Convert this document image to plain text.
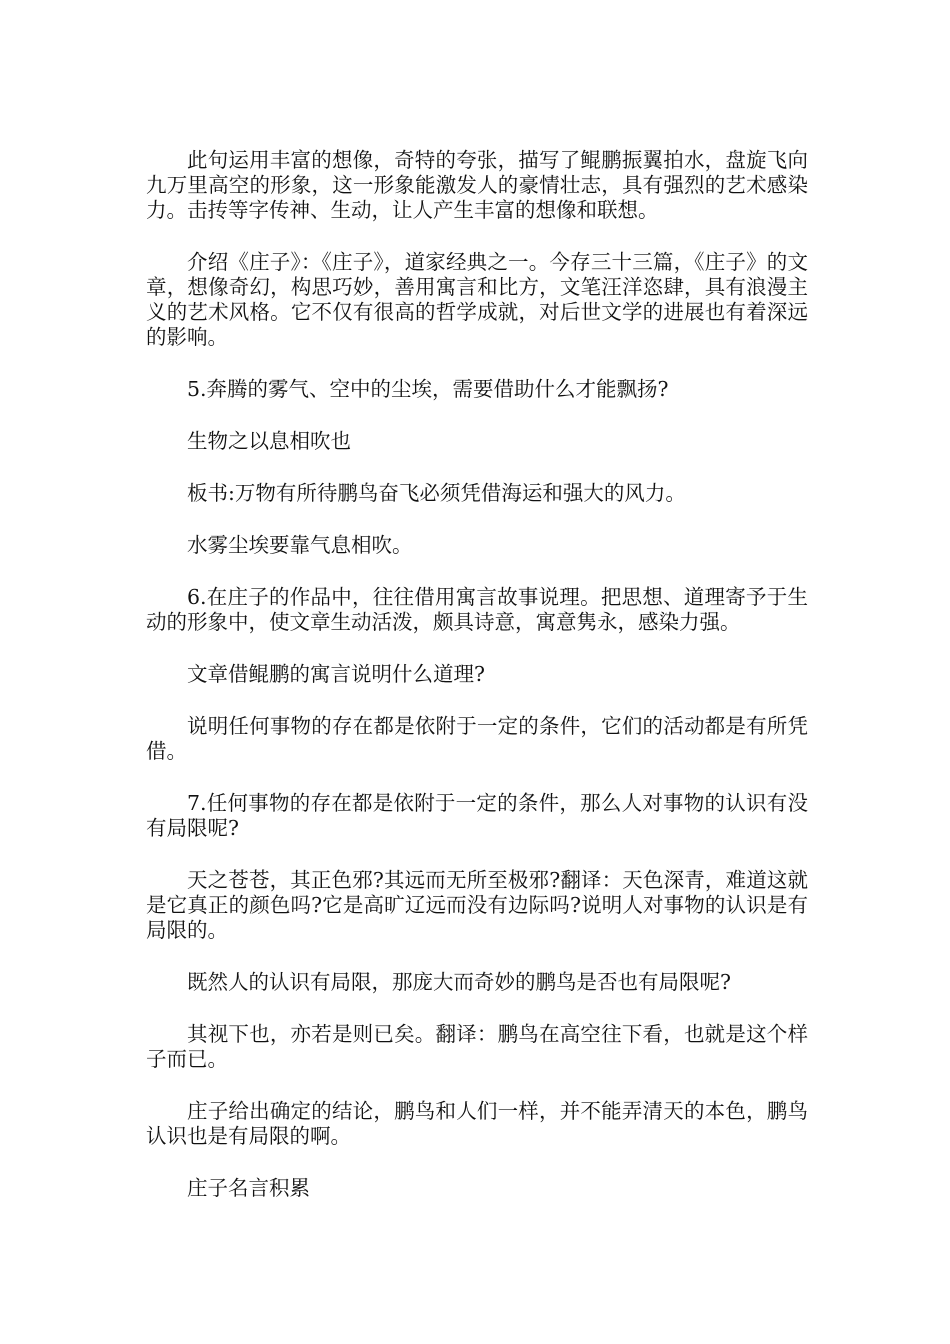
此句运用丰富的想像，奇特的夸张，描写了鲲鹏振翼拍水，盘旋飞向九万里高空的形象，这一形象能激发人的豪情壮志，具有强烈的艺术感染力。击抟等字传神、生动，让人产生丰富的想像和联想。

介绍《庄子》：《庄子》，道家经典之一。今存三十三篇，《庄子》的文章，想像奇幻，构思巧妙，善用寓言和比方，文笔汪洋恣肆，具有浪漫主义的艺术风格。它不仅有很高的哲学成就，对后世文学的进展也有着深远的影响。

5.奔腾的雾气、空中的尘埃，需要借助什么才能飘扬?

生物之以息相吹也

板书:万物有所待鹏鸟奋飞必须凭借海运和强大的风力。

水雾尘埃要靠气息相吹。

6.在庄子的作品中，往往借用寓言故事说理。把思想、道理寄予于生动的形象中，使文章生动活泼，颇具诗意，寓意隽永，感染力强。

文章借鲲鹏的寓言说明什么道理?

说明任何事物的存在都是依附于一定的条件，它们的活动都是有所凭借。

7.任何事物的存在都是依附于一定的条件，那么人对事物的认识有没有局限呢?

天之苍苍，其正色邪?其远而无所至极邪?翻译：天色深青，难道这就是它真正的颜色吗?它是高旷辽远而没有边际吗?说明人对事物的认识是有局限的。

既然人的认识有局限，那庞大而奇妙的鹏鸟是否也有局限呢?

其视下也，亦若是则已矣。翻译：鹏鸟在高空往下看，也就是这个样子而已。

庄子给出确定的结论，鹏鸟和人们一样，并不能弄清天的本色，鹏鸟认识也是有局限的啊。

庄子名言积累
